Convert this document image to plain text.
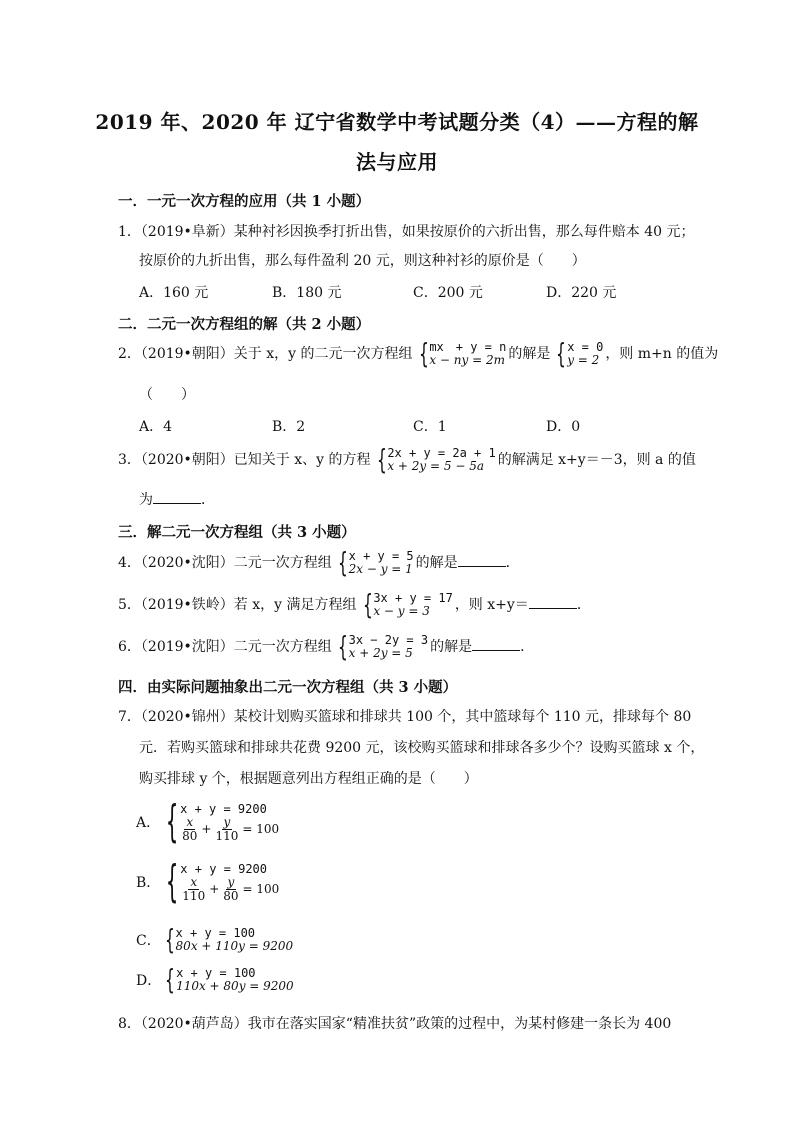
2019 年、2020 年 辽宁省数学中考试题分类（4）——方程的解
法与应用
一．一元一次方程的应用（共 1 小题）
1．（2019•阜新）某种衬衫因换季打折出售，如果按原价的六折出售，那么每件赔本 40 元；
按原价的九折出售，那么每件盈利 20 元，则这种衬衫的原价是（　　）
A．160 元	B．180 元	C．200 元	D．220 元
二．二元一次方程组的解（共 2 小题）
2．（2019•朝阳）关于 x，y 的二元一次方程组 { mx　+ y = n
x − ny = 2m 的解是 { x = 0
y = 2 ，则 m+n 的值为
（　　）
A．4	B．2	C．1	D．0
3．（2020•朝阳）已知关于 x、y 的方程 { 2x + y = 2a + 1
x + 2y = 5 − 5a 的解满足 x+y＝－3，则 a 的值
为	．
三．解二元一次方程组（共 3 小题）
4．（2020•沈阳）二元一次方程组 { x + y = 5
2x − y = 1 的解是	．
5．（2019•铁岭）若 x，y 满足方程组 { 3x + y = 17
x − y = 3	，则 x+y＝	．
6．（2019•沈阳）二元一次方程组 { 3x − 2y = 3
x + 2y = 5	的解是	．
四．由实际问题抽象出二元一次方程组（共 3 小题）
7．（2020•锦州）某校计划购买篮球和排球共 100 个，其中篮球每个 110 元，排球每个 80
元．若购买篮球和排球共花费 9200 元，该校购买篮球和排球各多少个？设购买篮球 x 个，
购买排球 y 个，根据题意列出方程组正确的是（　　）
A． { x + y = 9200
$\frac{x}{80} + \frac{y}{110} = 100$
B． { x + y = 9200
$\frac{x}{110} + \frac{y}{80} = 100$
C． { x + y = 100
80x + 110y = 9200
D． { x + y = 100
110x + 80y = 9200
8．（2020•葫芦岛）我市在落实国家“精准扶贫”政策的过程中，为某村修建一条长为 400
